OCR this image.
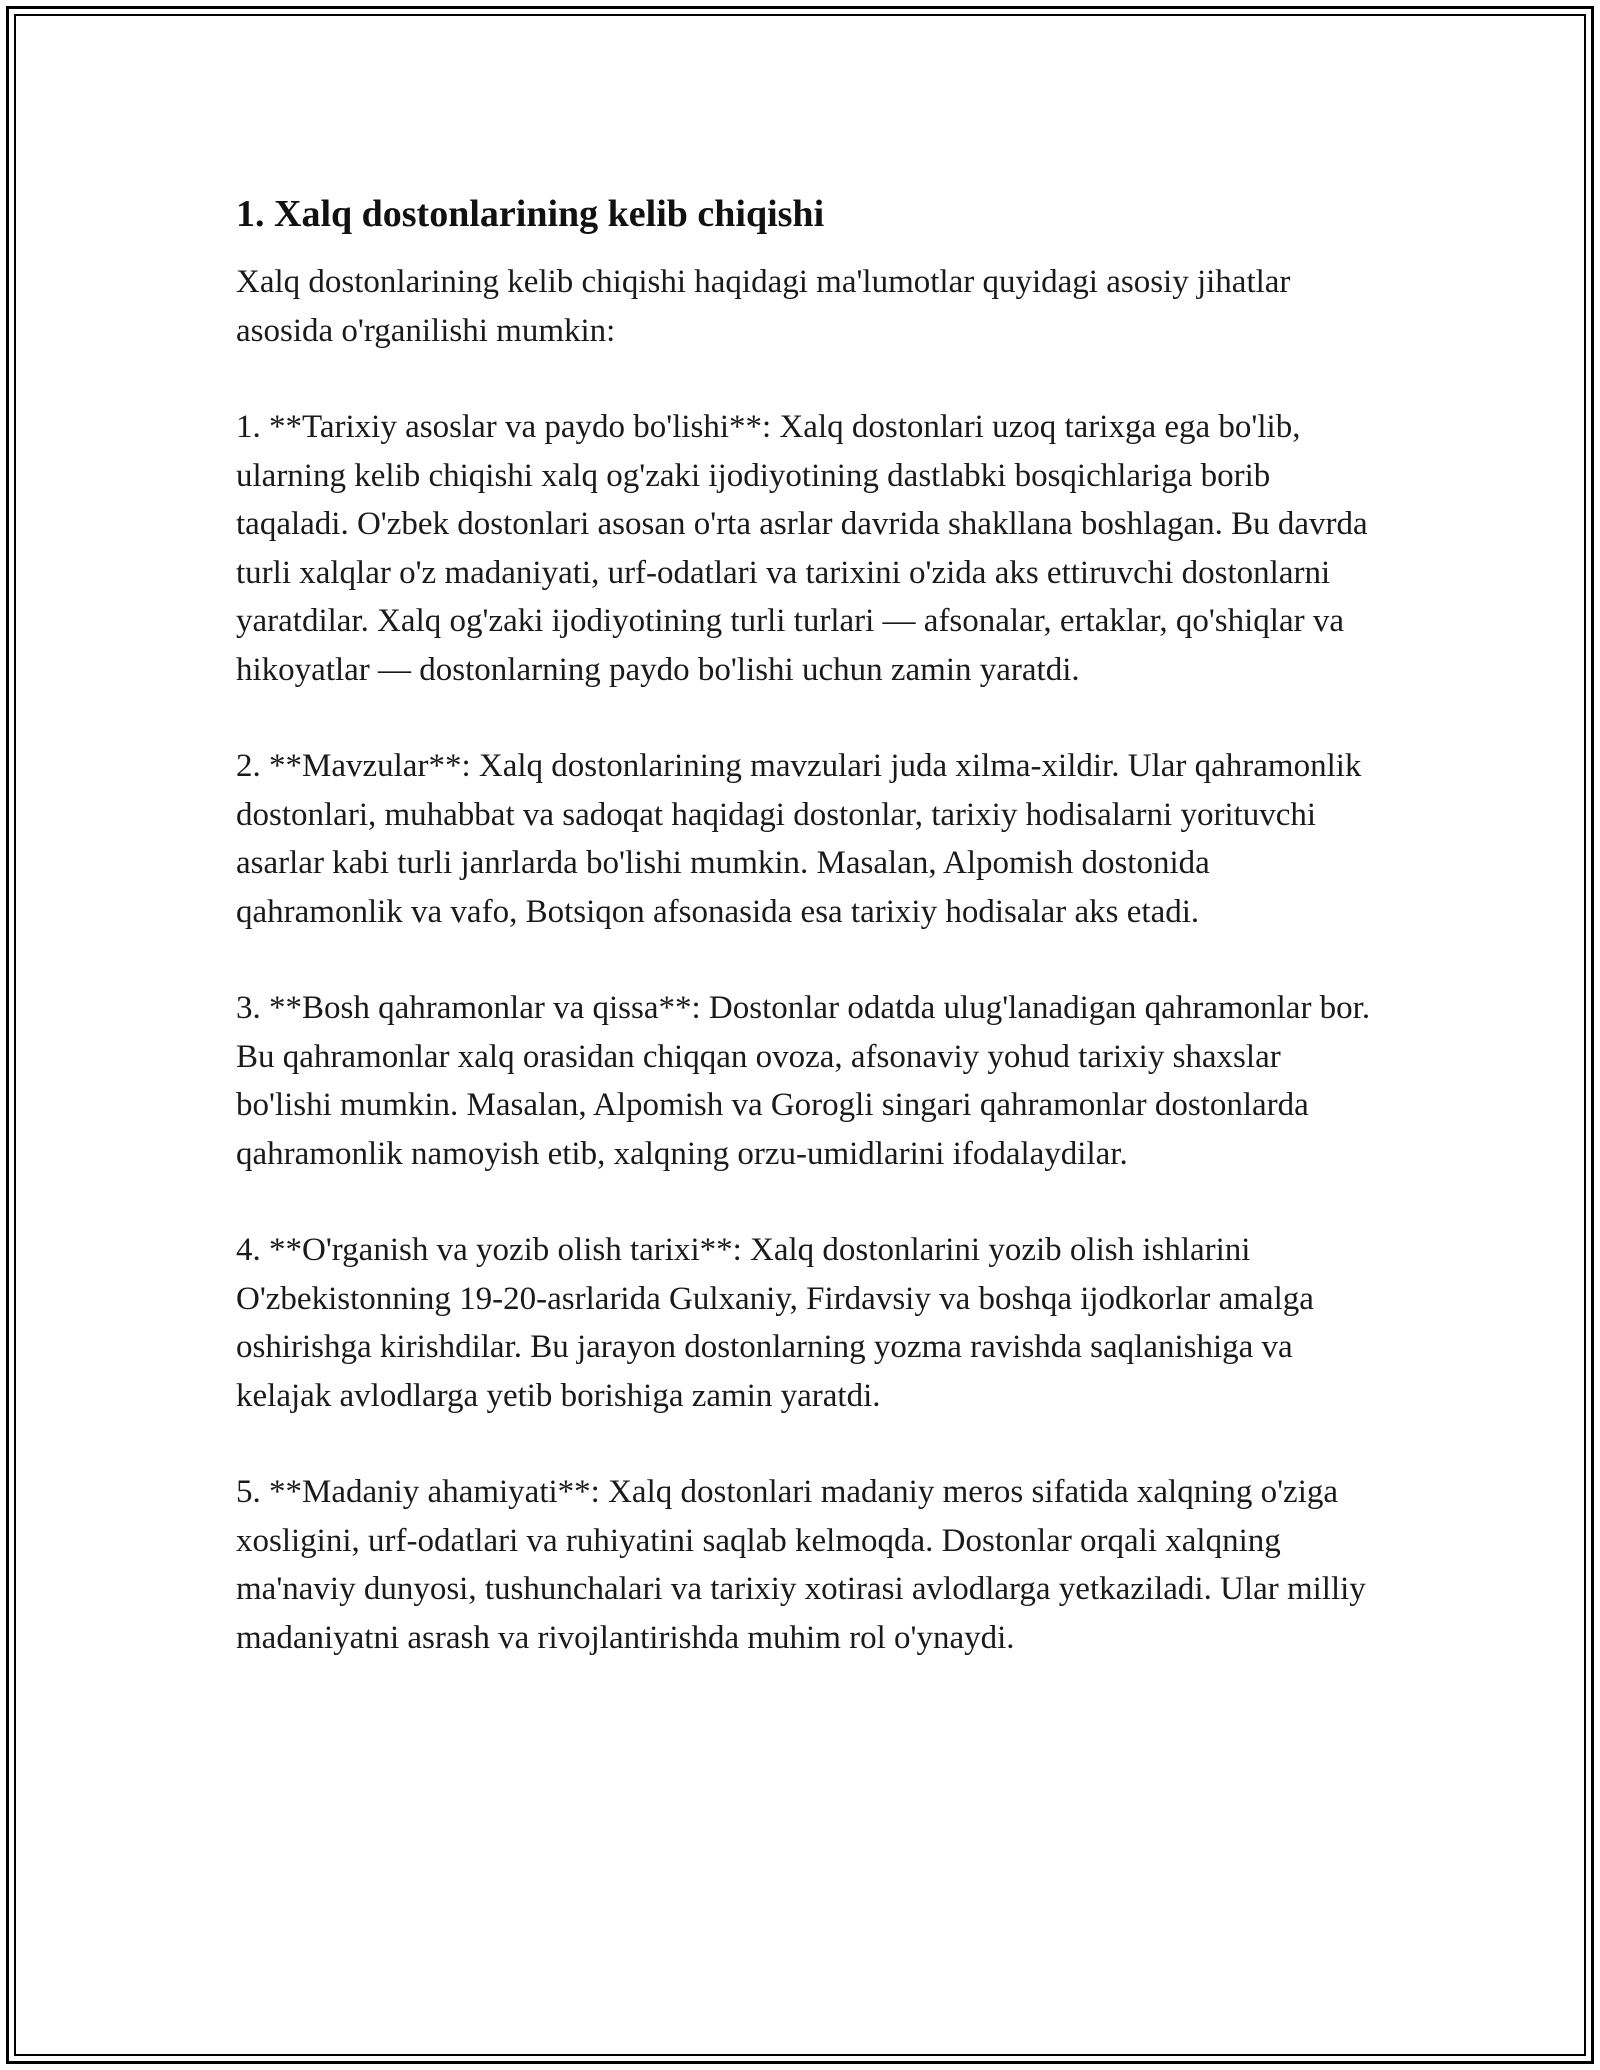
1. Xalq dostonlarining kelib chiqishi

Xalq dostonlarining kelib chiqishi haqidagi ma'lumotlar quyidagi asosiy jihatlar asosida o'rganilishi mumkin:

1. **Tarixiy asoslar va paydo bo'lishi**: Xalq dostonlari uzoq tarixga ega bo'lib, ularning kelib chiqishi xalq og'zaki ijodiyotining dastlabki bosqichlariga borib taqaladi. O'zbek dostonlari asosan o'rta asrlar davrida shakllana boshlagan. Bu davrda turli xalqlar o'z madaniyati, urf-odatlari va tarixini o'zida aks ettiruvchi dostonlarni yaratdilar. Xalq og'zaki ijodiyotining turli turlari — afsonalar, ertaklar, qo'shiqlar va hikoyatlar — dostonlarning paydo bo'lishi uchun zamin yaratdi.

2. **Mavzular**: Xalq dostonlarining mavzulari juda xilma-xildir. Ular qahramonlik dostonlari, muhabbat va sadoqat haqidagi dostonlar, tarixiy hodisalarni yorituvchi asarlar kabi turli janrlarda bo'lishi mumkin. Masalan, Alpomish dostonida qahramonlik va vafo, Botsiqon afsonasida esa tarixiy hodisalar aks etadi.

3. **Bosh qahramonlar va qissa**: Dostonlar odatda ulug'lanadigan qahramonlar bor. Bu qahramonlar xalq orasidan chiqqan ovoza, afsonaviy yohud tarixiy shaxslar bo'lishi mumkin. Masalan, Alpomish va Gorogli singari qahramonlar dostonlarda qahramonlik namoyish etib, xalqning orzu-umidlarini ifodalaydilar.

4. **O'rganish va yozib olish tarixi**: Xalq dostonlarini yozib olish ishlarini O'zbekistonning 19-20-asrlarida Gulxaniy, Firdavsiy va boshqa ijodkorlar amalga oshirishga kirishdilar. Bu jarayon dostonlarning yozma ravishda saqlanishiga va kelajak avlodlarga yetib borishiga zamin yaratdi.

5. **Madaniy ahamiyati**: Xalq dostonlari madaniy meros sifatida xalqning o'ziga xosligini, urf-odatlari va ruhiyatini saqlab kelmoqda. Dostonlar orqali xalqning ma'naviy dunyosi, tushunchalari va tarixiy xotirasi avlodlarga yetkaziladi. Ular milliy madaniyatni asrash va rivojlantirishda muhim rol o'ynaydi.
